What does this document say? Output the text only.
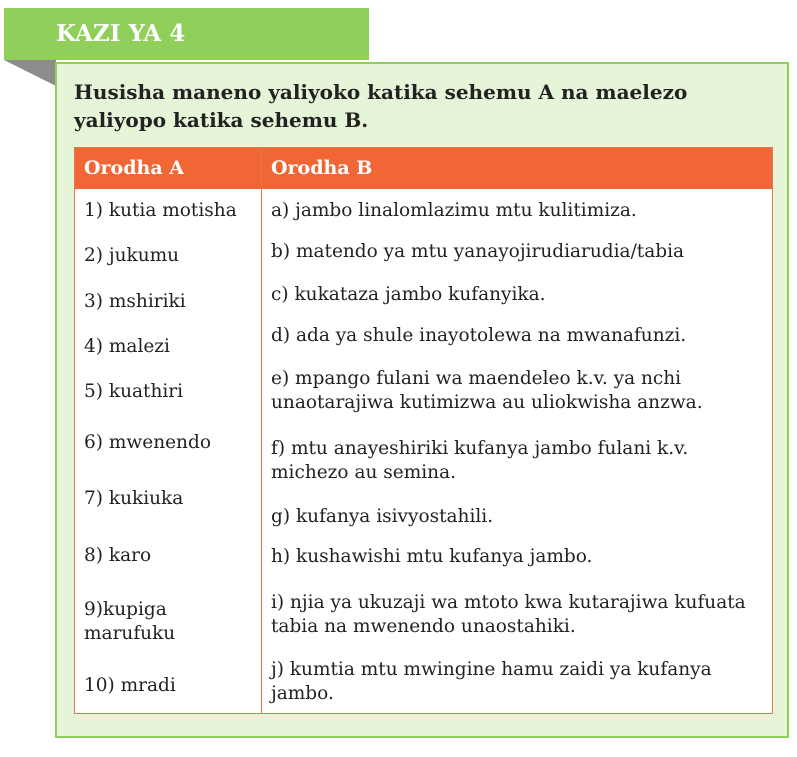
KAZI YA 4
Husisha maneno yaliyoko katika sehemu A na maelezo yaliyopo katika sehemu B.
Orodha A	Orodha B
1) kutia motisha
2) jukumu
3) mshiriki
4) malezi
5) kuathiri
6) mwenendo
7) kukiuka
8) karo
9)kupiga marufuku
10) mradi
a) jambo linalomlazimu mtu kulitimiza.
b) matendo ya mtu yanayojirudiarudia/tabia
c) kukataza jambo kufanyika.
d) ada ya shule inayotolewa na mwanafunzi.
e) mpango fulani wa maendeleo k.v. ya nchi unaotarajiwa kutimizwa au uliokwisha anzwa.
f) mtu anayeshiriki kufanya jambo fulani k.v. michezo au semina.
g) kufanya isivyostahili.
h) kushawishi mtu kufanya jambo.
i) njia ya ukuzaji wa mtoto kwa kutarajiwa kufuata tabia na mwenendo unaostahiki.
j) kumtia mtu mwingine hamu zaidi ya kufanya jambo.
